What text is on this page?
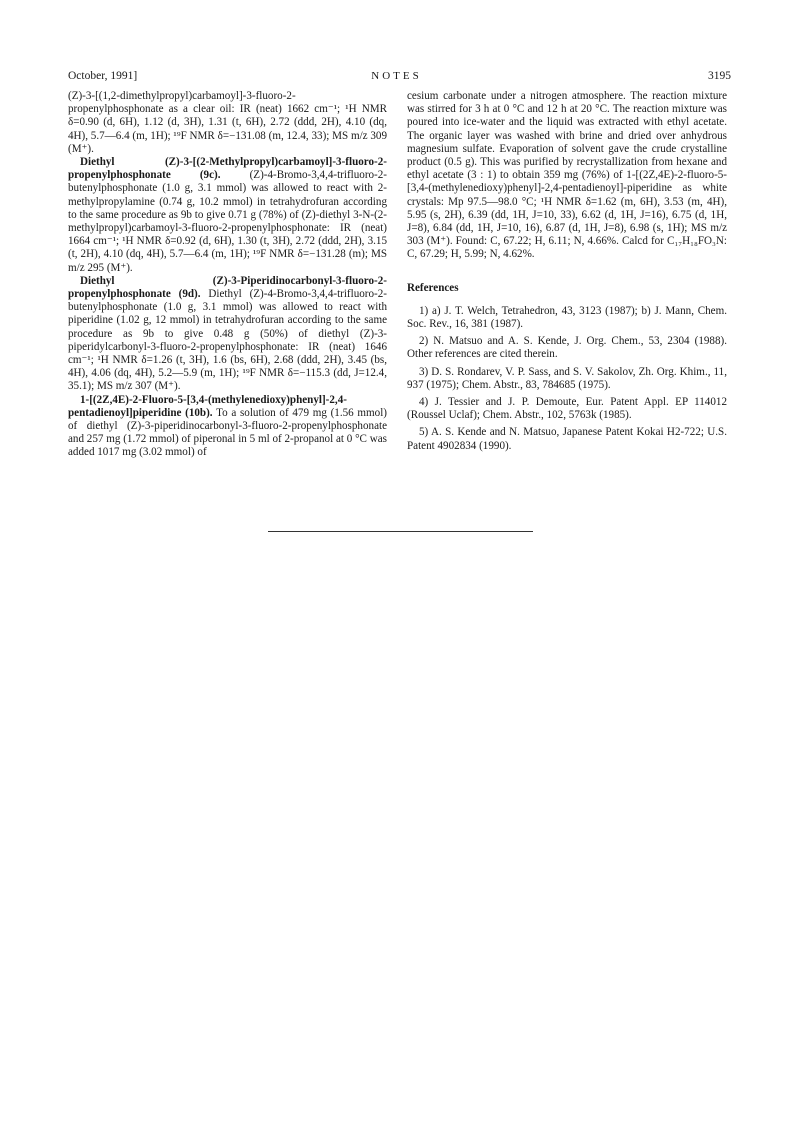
October, 1991]	NOTES	3195

(Z)-3-[(1,2-dimethylpropyl)carbamoyl]-3-fluoro-2-propenylphosphonate as a clear oil: IR (neat) 1662 cm⁻¹; ¹H NMR δ=0.90 (d, 6H), 1.12 (d, 3H), 1.31 (t, 6H), 2.72 (ddd, 2H), 4.10 (dq, 4H), 5.7—6.4 (m, 1H); ¹⁹F NMR δ=−131.08 (m, 12.4, 33); MS m/z 309 (M⁺).

Diethyl (Z)-3-[(2-Methylpropyl)carbamoyl]-3-fluoro-2-propenylphosphonate (9c). (Z)-4-Bromo-3,4,4-trifluoro-2-butenylphosphonate (1.0 g, 3.1 mmol) was allowed to react with 2-methylpropylamine (0.74 g, 10.2 mmol) in tetrahydrofuran according to the same procedure as 9b to give 0.71 g (78%) of (Z)-diethyl 3-N-(2-methylpropyl)carbamoyl-3-fluoro-2-propenylphosphonate: IR (neat) 1664 cm⁻¹; ¹H NMR δ=0.92 (d, 6H), 1.30 (t, 3H), 2.72 (ddd, 2H), 3.15 (t, 2H), 4.10 (dq, 4H), 5.7—6.4 (m, 1H); ¹⁹F NMR δ=−131.28 (m); MS m/z 295 (M⁺).

Diethyl (Z)-3-Piperidinocarbonyl-3-fluoro-2-propenylphosphonate (9d). Diethyl (Z)-4-Bromo-3,4,4-trifluoro-2-butenylphosphonate (1.0 g, 3.1 mmol) was allowed to react with piperidine (1.02 g, 12 mmol) in tetrahydrofuran according to the same procedure as 9b to give 0.48 g (50%) of diethyl (Z)-3-piperidylcarbonyl-3-fluoro-2-propenylphosphonate: IR (neat) 1646 cm⁻¹; ¹H NMR δ=1.26 (t, 3H), 1.6 (bs, 6H), 2.68 (ddd, 2H), 3.45 (bs, 4H), 4.06 (dq, 4H), 5.2—5.9 (m, 1H); ¹⁹F NMR δ=−115.3 (dd, J=12.4, 35.1); MS m/z 307 (M⁺).

1-[(2Z,4E)-2-Fluoro-5-[3,4-(methylenedioxy)phenyl]-2,4-pentadienoyl]piperidine (10b). To a solution of 479 mg (1.56 mmol) of diethyl (Z)-3-piperidinocarbonyl-3-fluoro-2-propenylphosphonate and 257 mg (1.72 mmol) of piperonal in 5 ml of 2-propanol at 0 °C was added 1017 mg (3.02 mmol) of

cesium carbonate under a nitrogen atmosphere. The reaction mixture was stirred for 3 h at 0 °C and 12 h at 20 °C. The reaction mixture was poured into ice-water and the liquid was extracted with ethyl acetate. The organic layer was washed with brine and dried over anhydrous magnesium sulfate. Evaporation of solvent gave the crude crystalline product (0.5 g). This was purified by recrystallization from hexane and ethyl acetate (3 : 1) to obtain 359 mg (76%) of 1-[(2Z,4E)-2-fluoro-5-[3,4-(methylenedioxy)phenyl]-2,4-pentadienoyl]-piperidine as white crystals: Mp 97.5—98.0 °C; ¹H NMR δ=1.62 (m, 6H), 3.53 (m, 4H), 5.95 (s, 2H), 6.39 (dd, 1H, J=10, 33), 6.62 (d, 1H, J=16), 6.75 (d, 1H, J=8), 6.84 (dd, 1H, J=10, 16), 6.87 (d, 1H, J=8), 6.98 (s, 1H); MS m/z 303 (M⁺). Found: C, 67.22; H, 6.11; N, 4.66%. Calcd for C₁₇H₁₈FO₃N: C, 67.29; H, 5.99; N, 4.62%.

References

1) a) J. T. Welch, Tetrahedron, 43, 3123 (1987); b) J. Mann, Chem. Soc. Rev., 16, 381 (1987).

2) N. Matsuo and A. S. Kende, J. Org. Chem., 53, 2304 (1988). Other references are cited therein.

3) D. S. Rondarev, V. P. Sass, and S. V. Sakolov, Zh. Org. Khim., 11, 937 (1975); Chem. Abstr., 83, 784685 (1975).

4) J. Tessier and J. P. Demoute, Eur. Patent Appl. EP 114012 (Roussel Uclaf); Chem. Abstr., 102, 5763k (1985).

5) A. S. Kende and N. Matsuo, Japanese Patent Kokai H2-722; U.S. Patent 4902834 (1990).
